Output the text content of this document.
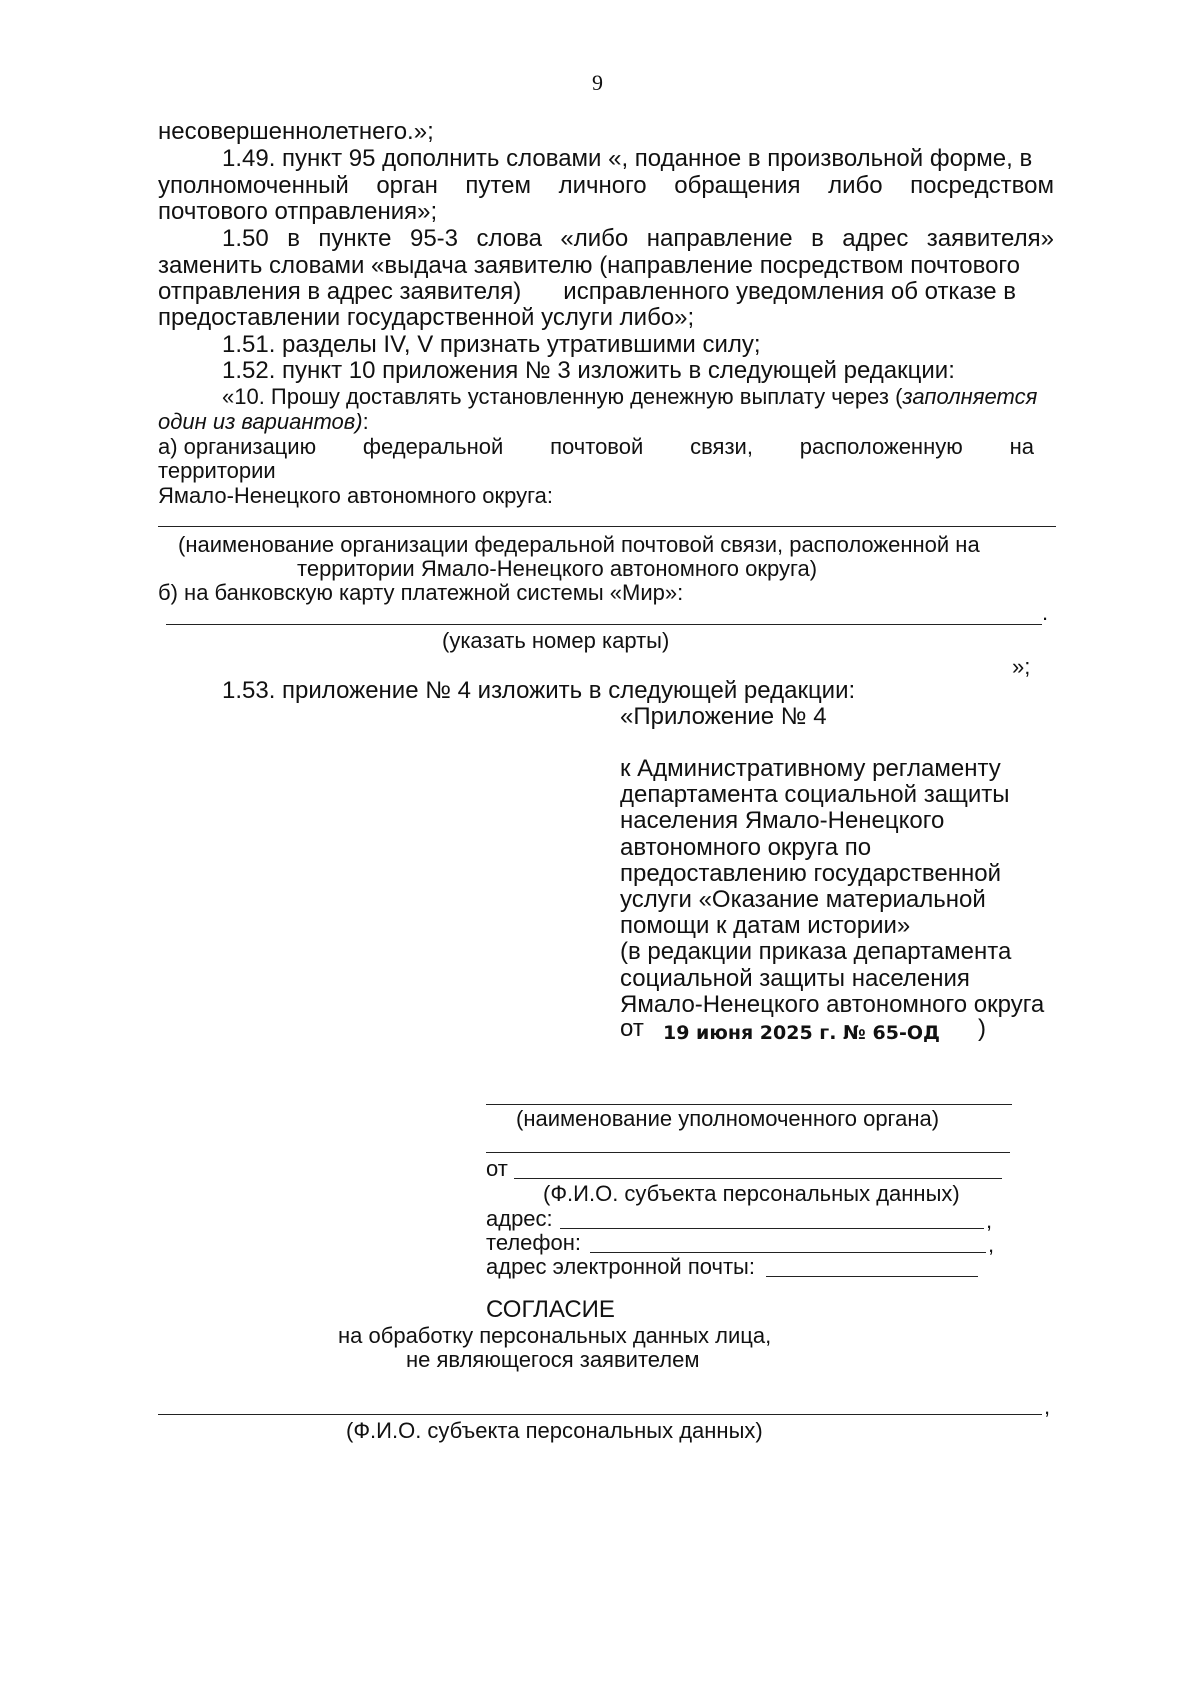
9
несовершеннолетнего.»;
1.49. пункт 95 дополнить словами «, поданное в произвольной форме, в
уполномоченный орган путем личного обращения либо посредством
почтового отправления»;
1.50 в пункте 95-3 слова «либо направление в адрес заявителя»
заменить словами «выдача заявителю (направление посредством почтового
отправления в адрес заявителя) исправленного уведомления об отказе в
предоставлении государственной услуги либо»;
1.51. разделы IV, V признать утратившими силу;
1.52. пункт 10 приложения № 3 изложить в следующей редакции:
«10. Прошу доставлять установленную денежную выплату через (заполняется
один из вариантов):
а) организацию федеральной почтовой связи, расположенную на
территории
Ямало-Ненецкого автономного округа:
(наименование организации федеральной почтовой связи, расположенной на
территории Ямало-Ненецкого автономного округа)
б) на банковскую карту платежной системы «Мир»:
.
(указать номер карты)
»;
1.53. приложение № 4 изложить в следующей редакции:
«Приложение № 4
к Административному регламенту
департамента социальной защиты
населения Ямало-Ненецкого
автономного округа по
предоставлению государственной
услуги «Оказание материальной
помощи к датам истории»
(в редакции приказа департамента
социальной защиты населения
Ямало-Ненецкого автономного округа
от 19 июня 2025 г. № 65-ОД )
(наименование уполномоченного органа)
от
(Ф.И.О. субъекта персональных данных)
адрес:	,
телефон:	,
адрес электронной почты:
СОГЛАСИЕ
на обработку персональных данных лица,
не являющегося заявителем
,
(Ф.И.О. субъекта персональных данных)
